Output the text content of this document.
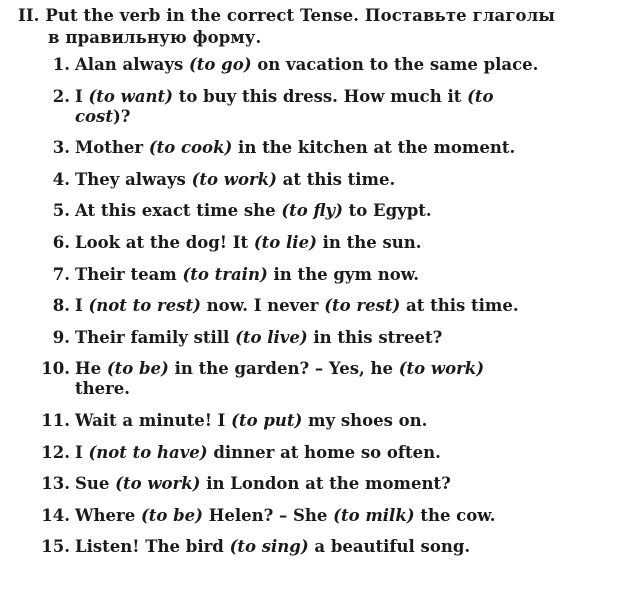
II. Put the verb in the correct Tense. Поставьте глаголы
в правильную форму.
1. Alan always (to go) on vacation to the same place.
2. I (to want) to buy this dress. How much it (to
cost)?
3. Mother (to cook) in the kitchen at the moment.
4. They always (to work) at this time.
5. At this exact time she (to fly) to Egypt.
6. Look at the dog! It (to lie) in the sun.
7. Their team (to train) in the gym now.
8. I (not to rest) now. I never (to rest) at this time.
9. Their family still (to live) in this street?
10. He (to be) in the garden? – Yes, he (to work)
there.
11. Wait a minute! I (to put) my shoes on.
12. I (not to have) dinner at home so often.
13. Sue (to work) in London at the moment?
14. Where (to be) Helen? – She (to milk) the cow.
15. Listen! The bird (to sing) a beautiful song.
